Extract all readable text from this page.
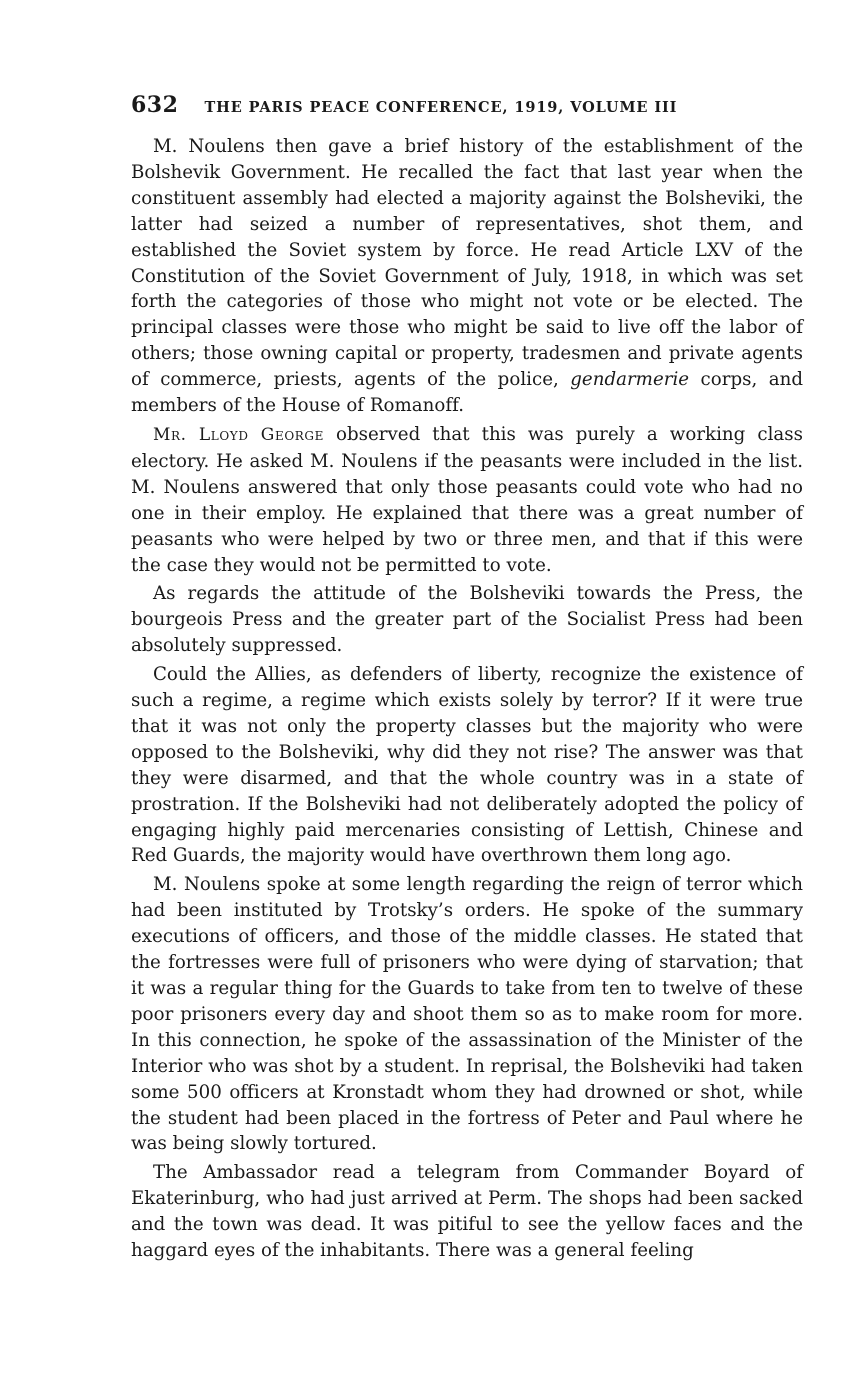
632 THE PARIS PEACE CONFERENCE, 1919, VOLUME III

M. Noulens then gave a brief history of the establishment of the Bolshevik Government. He recalled the fact that last year when the constituent assembly had elected a majority against the Bolsheviki, the latter had seized a number of representatives, shot them, and established the Soviet system by force. He read Article LXV of the Constitution of the Soviet Government of July, 1918, in which was set forth the categories of those who might not vote or be elected. The principal classes were those who might be said to live off the labor of others; those owning capital or property, tradesmen and private agents of commerce, priests, agents of the police, gendarmerie corps, and members of the House of Romanoff.

Mr. Lloyd George observed that this was purely a working class electory. He asked M. Noulens if the peasants were included in the list. M. Noulens answered that only those peasants could vote who had no one in their employ. He explained that there was a great number of peasants who were helped by two or three men, and that if this were the case they would not be permitted to vote.

As regards the attitude of the Bolsheviki towards the Press, the bourgeois Press and the greater part of the Socialist Press had been absolutely suppressed.

Could the Allies, as defenders of liberty, recognize the existence of such a regime, a regime which exists solely by terror? If it were true that it was not only the property classes but the majority who were opposed to the Bolsheviki, why did they not rise? The answer was that they were disarmed, and that the whole country was in a state of prostration. If the Bolsheviki had not deliberately adopted the policy of engaging highly paid mercenaries consisting of Lettish, Chinese and Red Guards, the majority would have overthrown them long ago.

M. Noulens spoke at some length regarding the reign of terror which had been instituted by Trotsky’s orders. He spoke of the summary executions of officers, and those of the middle classes. He stated that the fortresses were full of prisoners who were dying of starvation; that it was a regular thing for the Guards to take from ten to twelve of these poor prisoners every day and shoot them so as to make room for more. In this connection, he spoke of the assassination of the Minister of the Interior who was shot by a student. In reprisal, the Bolsheviki had taken some 500 officers at Kronstadt whom they had drowned or shot, while the student had been placed in the fortress of Peter and Paul where he was being slowly tortured.

The Ambassador read a telegram from Commander Boyard of Ekaterinburg, who had just arrived at Perm. The shops had been sacked and the town was dead. It was pitiful to see the yellow faces and the haggard eyes of the inhabitants. There was a general feeling
